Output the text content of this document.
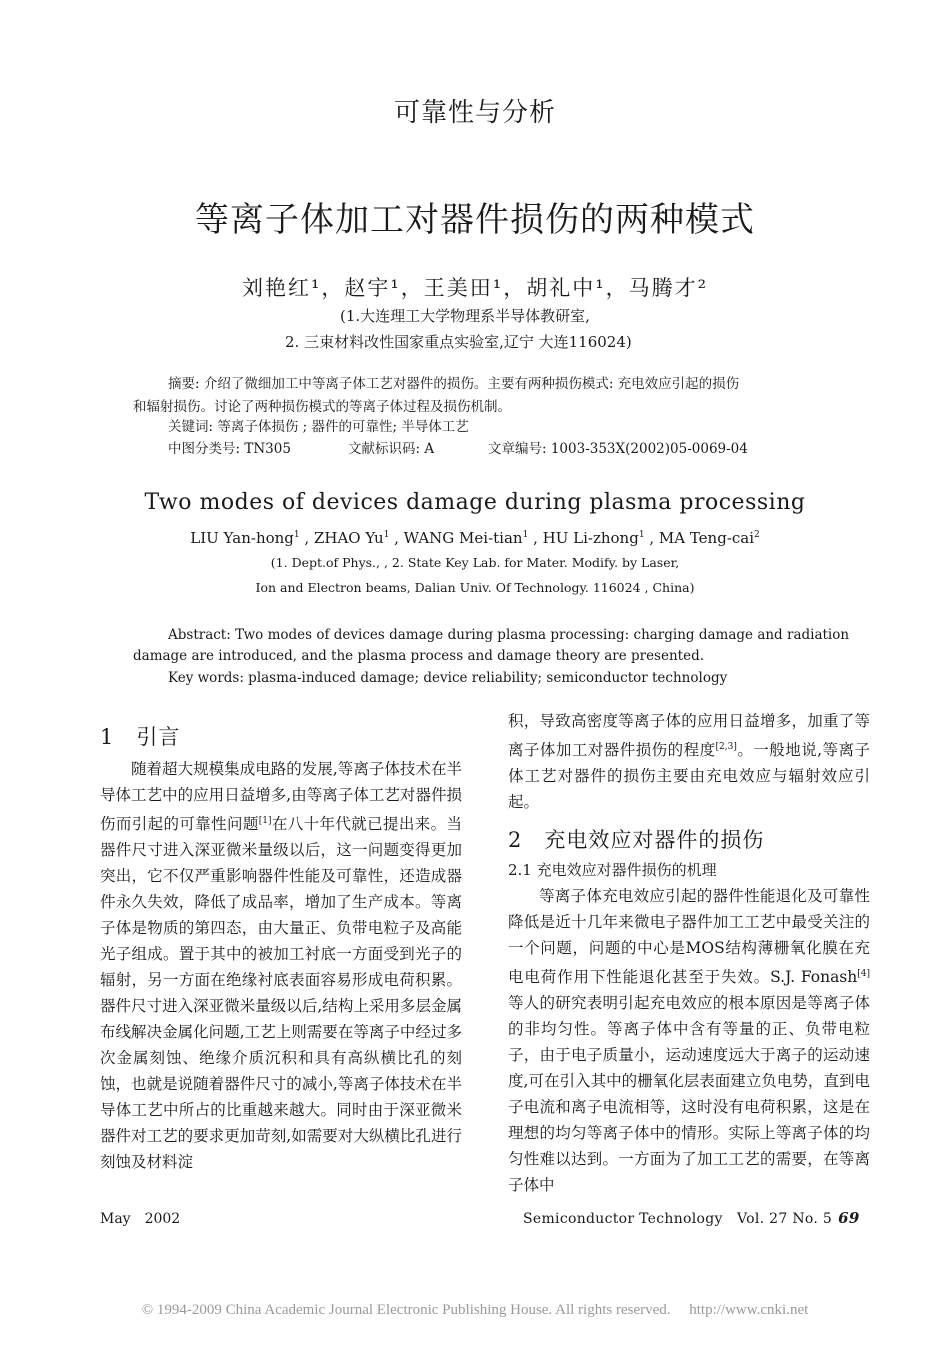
可靠性与分析
等离子体加工对器件损伤的两种模式
刘艳红¹，赵宇¹，王美田¹，胡礼中¹，马腾才²
(1.大连理工大学物理系半导体教研室,
2. 三束材料改性国家重点实验室,辽宁 大连116024)
摘要: 介绍了微细加工中等离子体工艺对器件的损伤。主要有两种损伤模式: 充电效应引起的损伤
和辐射损伤。讨论了两种损伤模式的等离子体过程及损伤机制。
关键词: 等离子体损伤 ; 器件的可靠性; 半导体工艺
中图分类号: TN305	文献标识码: A	文章编号: 1003-353X(2002)05-0069-04
Two modes of devices damage during plasma processing
LIU Yan-hong$^1$ , ZHAO Yu$^1$ , WANG Mei-tian$^1$ , HU Li-zhong$^1$ , MA Teng-cai$^2$
(1. Dept.of Phys., , 2. State Key Lab. for Mater. Modify. by Laser,
Ion and Electron beams, Dalian Univ. Of Technology. 116024 , China)
Abstract: Two modes of devices damage during plasma processing: charging damage and radiation
damage are introduced, and the plasma process and damage theory are presented.
Key words: plasma-induced damage; device reliability; semiconductor technology
1　引言

随着超大规模集成电路的发展,等离子体技术在半导体工艺中的应用日益增多,由等离子体工艺对器件损伤而引起的可靠性问题[1]在八十年代就已提出来。当器件尺寸进入深亚微米量级以后，这一问题变得更加突出，它不仅严重影响器件性能及可靠性，还造成器件永久失效，降低了成品率，增加了生产成本。等离子体是物质的第四态，由大量正、负带电粒子及高能光子组成。置于其中的被加工衬底一方面受到光子的辐射，另一方面在绝缘衬底表面容易形成电荷积累。器件尺寸进入深亚微米量级以后,结构上采用多层金属布线解决金属化问题,工艺上则需要在等离子中经过多次金属刻蚀、绝缘介质沉积和具有高纵横比孔的刻蚀，也就是说随着器件尺寸的减小,等离子体技术在半导体工艺中所占的比重越来越大。同时由于深亚微米器件对工艺的要求更加苛刻,如需要对大纵横比孔进行刻蚀及材料淀

积，导致高密度等离子体的应用日益增多，加重了等离子体加工对器件损伤的程度[2,3]。一般地说,等离子体工艺对器件的损伤主要由充电效应与辐射效应引起。

2　充电效应对器件的损伤
2.1 充电效应对器件损伤的机理

等离子体充电效应引起的器件性能退化及可靠性降低是近十几年来微电子器件加工工艺中最受关注的一个问题，问题的中心是MOS结构薄栅氧化膜在充电电荷作用下性能退化甚至于失效。S.J. Fonash[4]等人的研究表明引起充电效应的根本原因是等离子体的非均匀性。等离子体中含有等量的正、负带电粒子，由于电子质量小，运动速度远大于离子的运动速度,可在引入其中的栅氧化层表面建立负电势，直到电子电流和离子电流相等，这时没有电荷积累，这是在理想的均匀等离子体中的情形。实际上等离子体的均匀性难以达到。一方面为了加工工艺的需要，在等离子体中

May　2002	Semiconductor Technology　Vol. 27 No. 5 69
© 1994-2009 China Academic Journal Electronic Publishing House. All rights reserved.　 http://www.cnki.net
